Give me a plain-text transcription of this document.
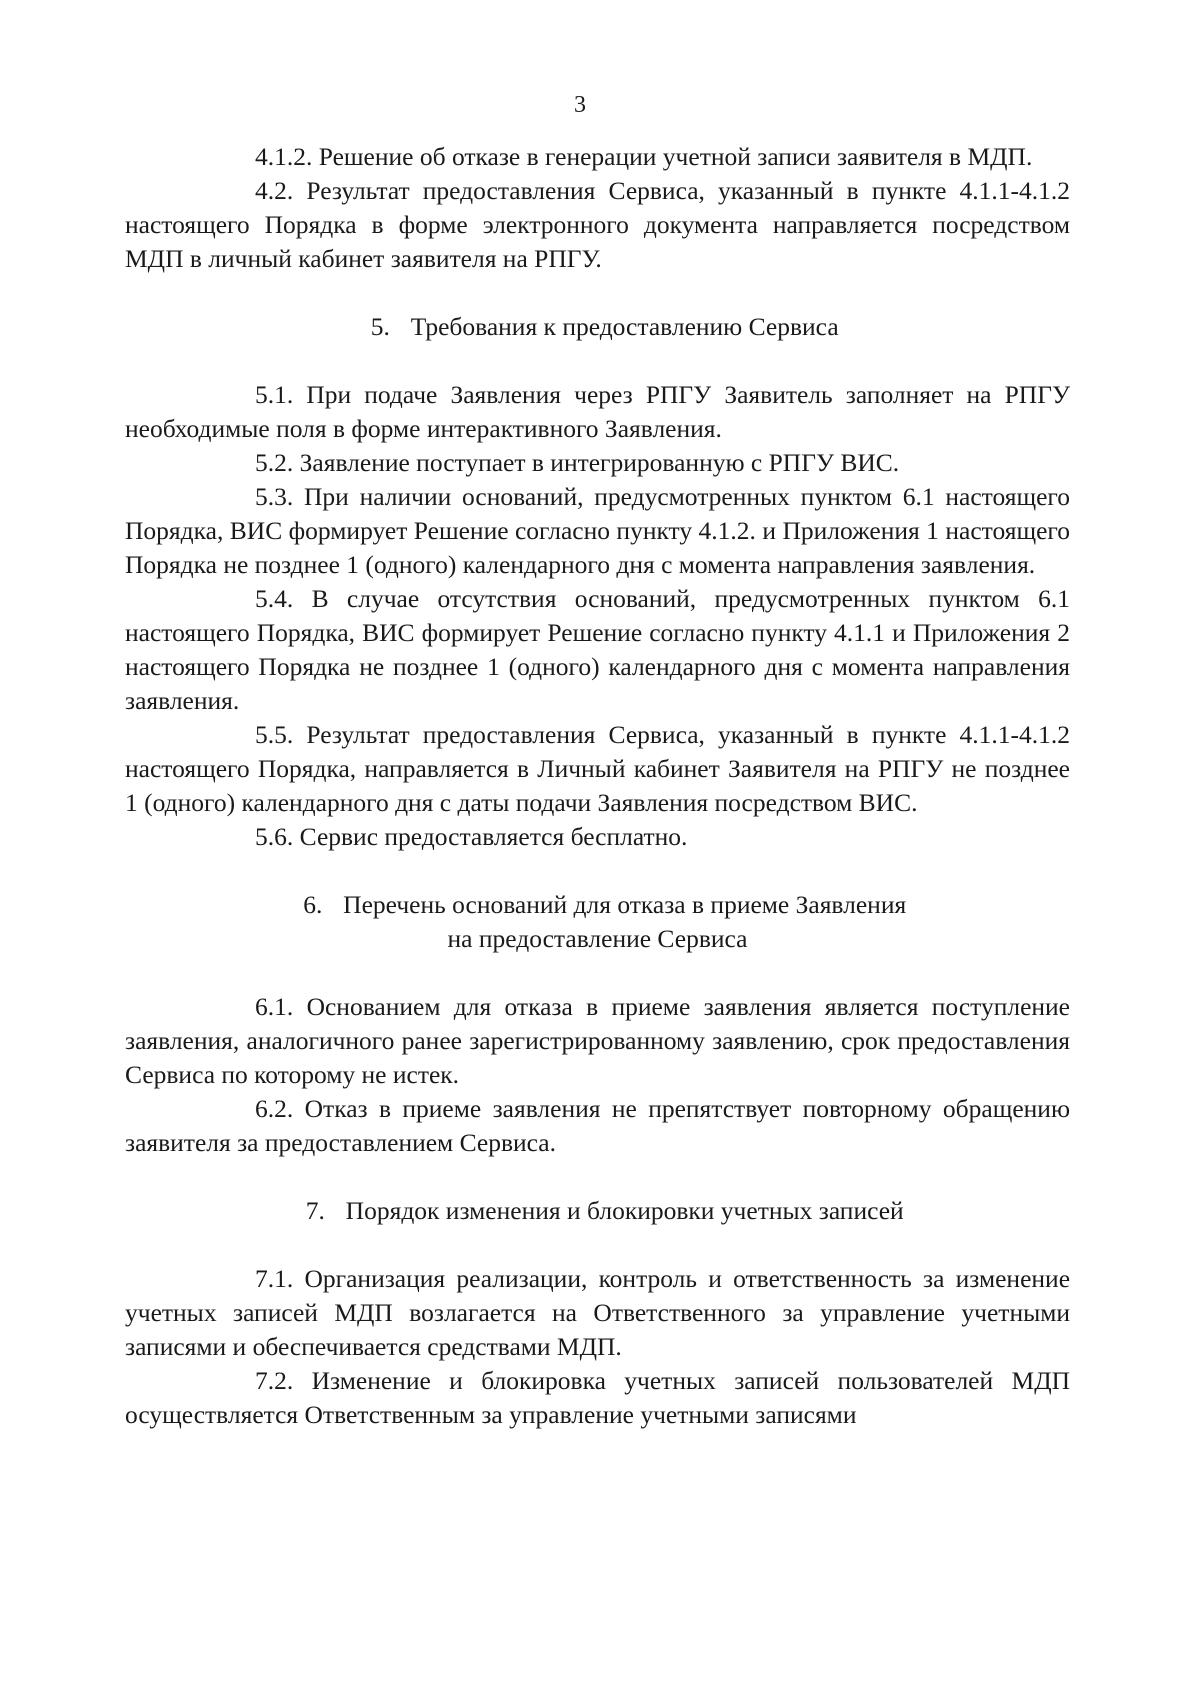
3

4.1.2. Решение об отказе в генерации учетной записи заявителя в МДП.

4.2. Результат предоставления Сервиса, указанный в пункте 4.1.1-4.1.2 настоящего Порядка в форме электронного документа направляется посредством МДП в личный кабинет заявителя на РПГУ.

5. Требования к предоставлению Сервиса

5.1. При подаче Заявления через РПГУ Заявитель заполняет на РПГУ необходимые поля в форме интерактивного Заявления.

5.2. Заявление поступает в интегрированную с РПГУ ВИС.

5.3. При наличии оснований, предусмотренных пунктом 6.1 настоящего Порядка, ВИС формирует Решение согласно пункту 4.1.2. и Приложения 1 настоящего Порядка не позднее 1 (одного) календарного дня с момента направления заявления.

5.4. В случае отсутствия оснований, предусмотренных пунктом 6.1 настоящего Порядка, ВИС формирует Решение согласно пункту 4.1.1 и Приложения 2 настоящего Порядка не позднее 1 (одного) календарного дня с момента направления заявления.

5.5. Результат предоставления Сервиса, указанный в пункте 4.1.1-4.1.2 настоящего Порядка, направляется в Личный кабинет Заявителя на РПГУ не позднее 1 (одного) календарного дня с даты подачи Заявления посредством ВИС.

5.6. Сервис предоставляется бесплатно.

6. Перечень оснований для отказа в приеме Заявления
на предоставление Сервиса

6.1. Основанием для отказа в приеме заявления является поступление заявления, аналогичного ранее зарегистрированному заявлению, срок предоставления Сервиса по которому не истек.

6.2. Отказ в приеме заявления не препятствует повторному обращению заявителя за предоставлением Сервиса.

7. Порядок изменения и блокировки учетных записей

7.1. Организация реализации, контроль и ответственность за изменение учетных записей МДП возлагается на Ответственного за управление учетными записями и обеспечивается средствами МДП.

7.2. Изменение и блокировка учетных записей пользователей МДП осуществляется Ответственным за управление учетными записями
